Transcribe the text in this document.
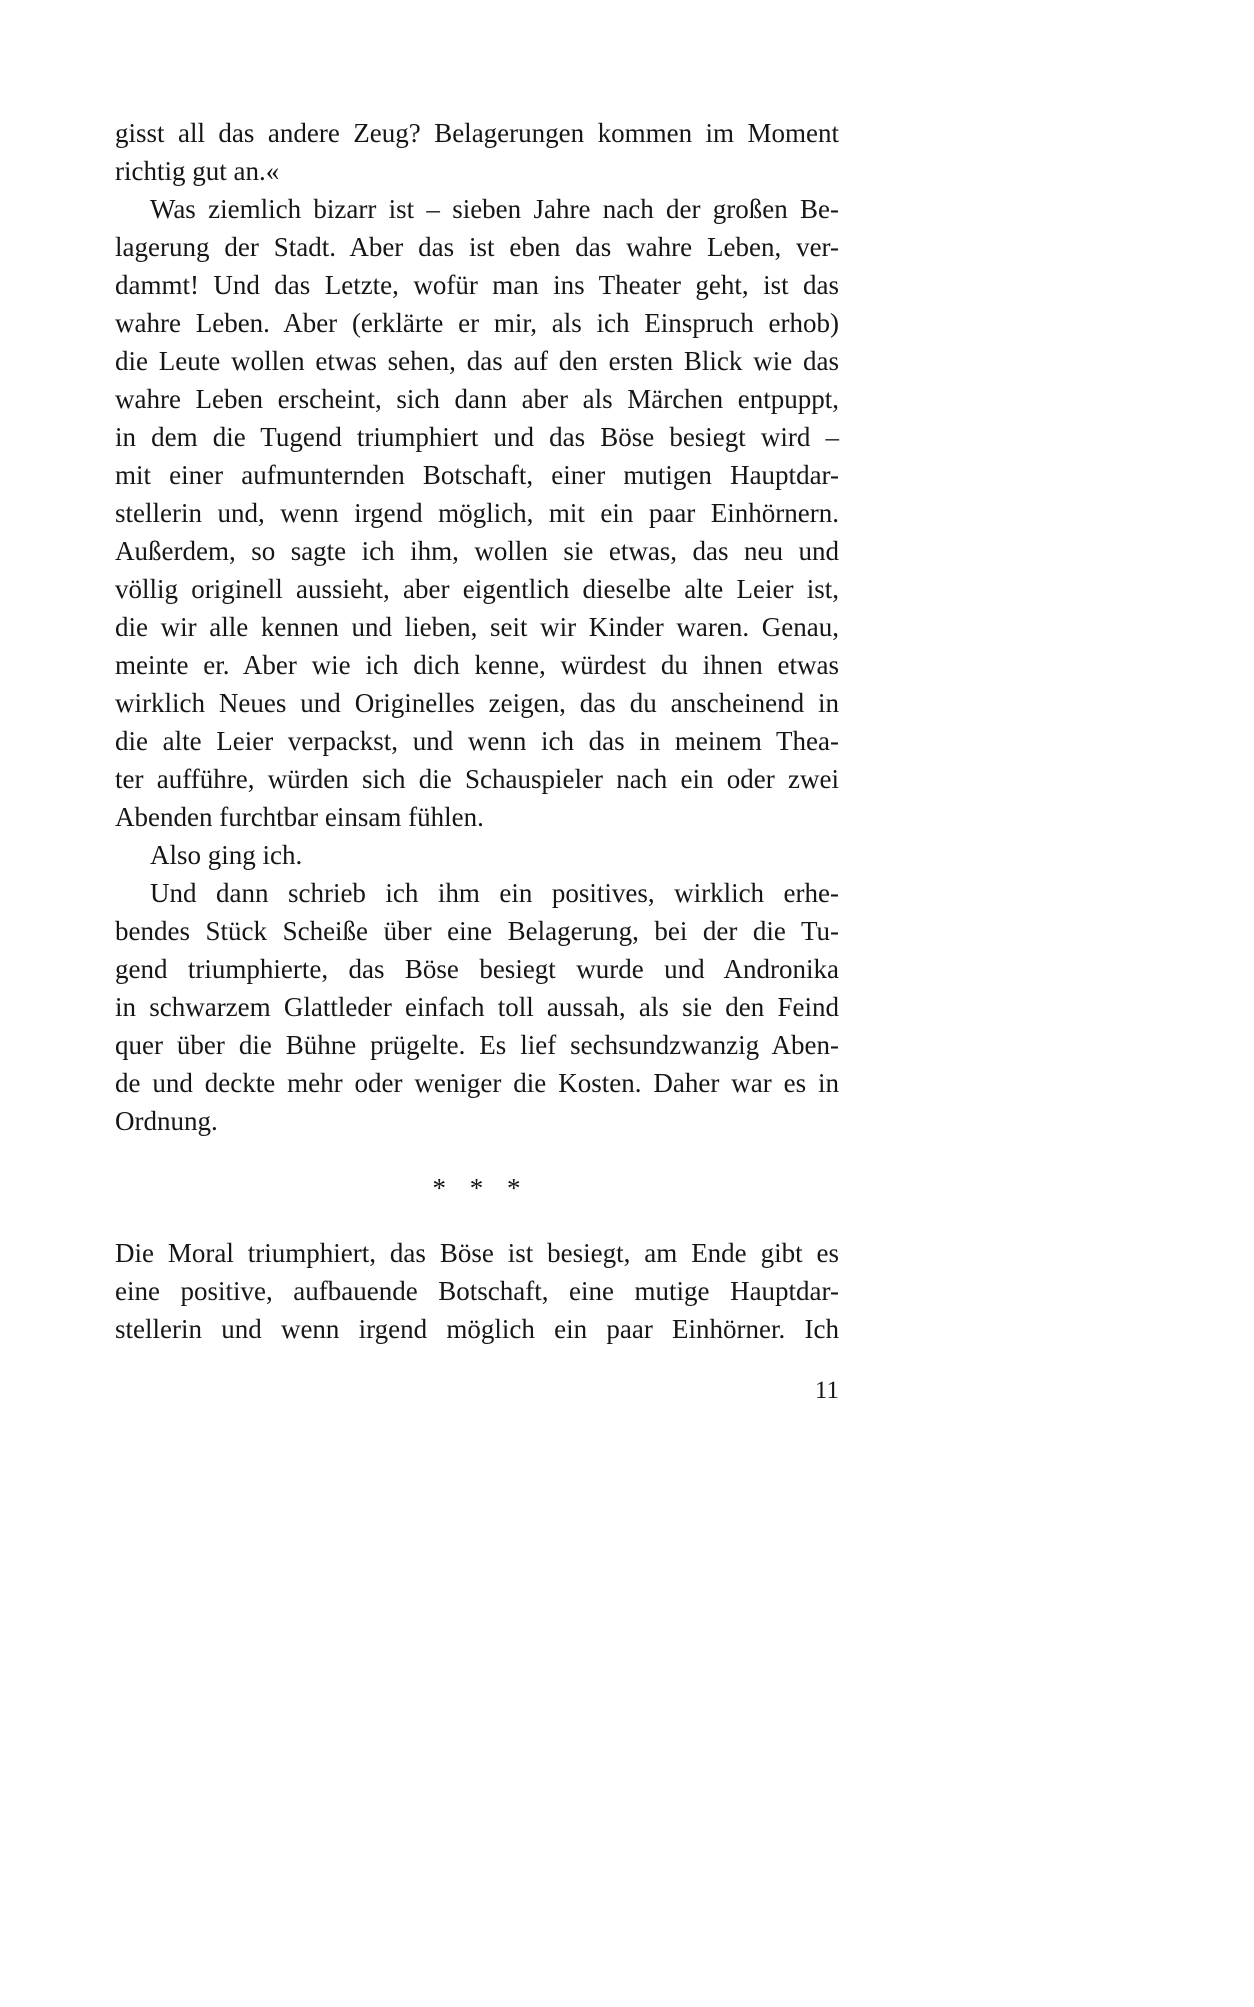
gisst all das andere Zeug? Belagerungen kommen im Moment
richtig gut an.«
Was ziemlich bizarr ist – sieben Jahre nach der großen Be-
lagerung der Stadt. Aber das ist eben das wahre Leben, ver-
dammt! Und das Letzte, wofür man ins Theater geht, ist das
wahre Leben. Aber (erklärte er mir, als ich Einspruch erhob)
die Leute wollen etwas sehen, das auf den ersten Blick wie das
wahre Leben erscheint, sich dann aber als Märchen entpuppt,
in dem die Tugend triumphiert und das Böse besiegt wird –
mit einer aufmunternden Botschaft, einer mutigen Hauptdar-
stellerin und, wenn irgend möglich, mit ein paar Einhörnern.
Außerdem, so sagte ich ihm, wollen sie etwas, das neu und
völlig originell aussieht, aber eigentlich dieselbe alte Leier ist,
die wir alle kennen und lieben, seit wir Kinder waren. Genau,
meinte er. Aber wie ich dich kenne, würdest du ihnen etwas
wirklich Neues und Originelles zeigen, das du anscheinend in
die alte Leier verpackst, und wenn ich das in meinem Thea-
ter aufführe, würden sich die Schauspieler nach ein oder zwei
Abenden furchtbar einsam fühlen.
Also ging ich.
Und dann schrieb ich ihm ein positives, wirklich erhe-
bendes Stück Scheiße über eine Belagerung, bei der die Tu-
gend triumphierte, das Böse besiegt wurde und Andronika
in schwarzem Glattleder einfach toll aussah, als sie den Feind
quer über die Bühne prügelte. Es lief sechsundzwanzig Aben-
de und deckte mehr oder weniger die Kosten. Daher war es in
Ordnung.
* * *
Die Moral triumphiert, das Böse ist besiegt, am Ende gibt es
eine positive, aufbauende Botschaft, eine mutige Hauptdar-
stellerin und wenn irgend möglich ein paar Einhörner. Ich
11
